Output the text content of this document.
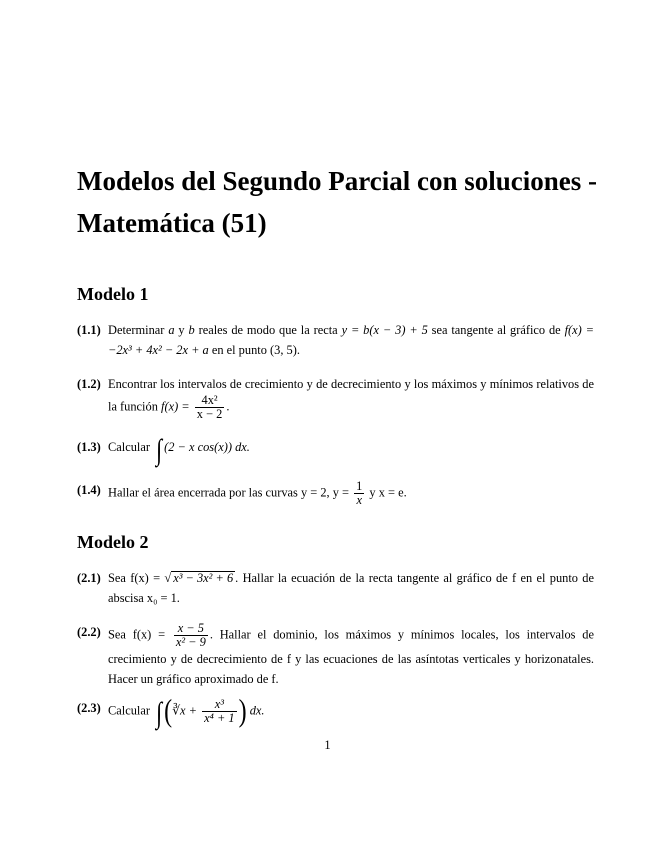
Modelos del Segundo Parcial con soluciones - Matemática (51)
Modelo 1
(1.1) Determinar a y b reales de modo que la recta y = b(x − 3) + 5 sea tangente al gráfico de f(x) = −2x³ + 4x² − 2x + a en el punto (3, 5).
(1.2) Encontrar los intervalos de crecimiento y de decrecimiento y los máximos y mínimos relativos de la función $f(x) = \frac{\text{4x²}}{x - 2}$ .
(1.3) Calcular ∫ (2 − x cos(x)) dx.
(1.4) Hallar el área encerrada por las curvas y = 2, $y = \frac{1}{x}$ y x = e.
Modelo 2
(2.1) Sea f(x) = √ x³ − 3x² + 6 . Hallar la ecuación de la recta tangente al gráfico de f en el punto de abscisa x₀ = 1.
(2.2) Sea $f(x) = \frac{x - 5}{\text{x² − 9}}$ . Hallar el dominio, los máximos y mínimos locales, los intervalos de crecimiento y de decrecimiento de f y las ecuaciones de las asíntotas verticales y horizonatales. Hacer un gráfico aproximado de f.
(2.3) Calcular ∫(∛x + $\frac{\text{x³}}{\text{x⁴ + 1}}$ ) dx.
1
